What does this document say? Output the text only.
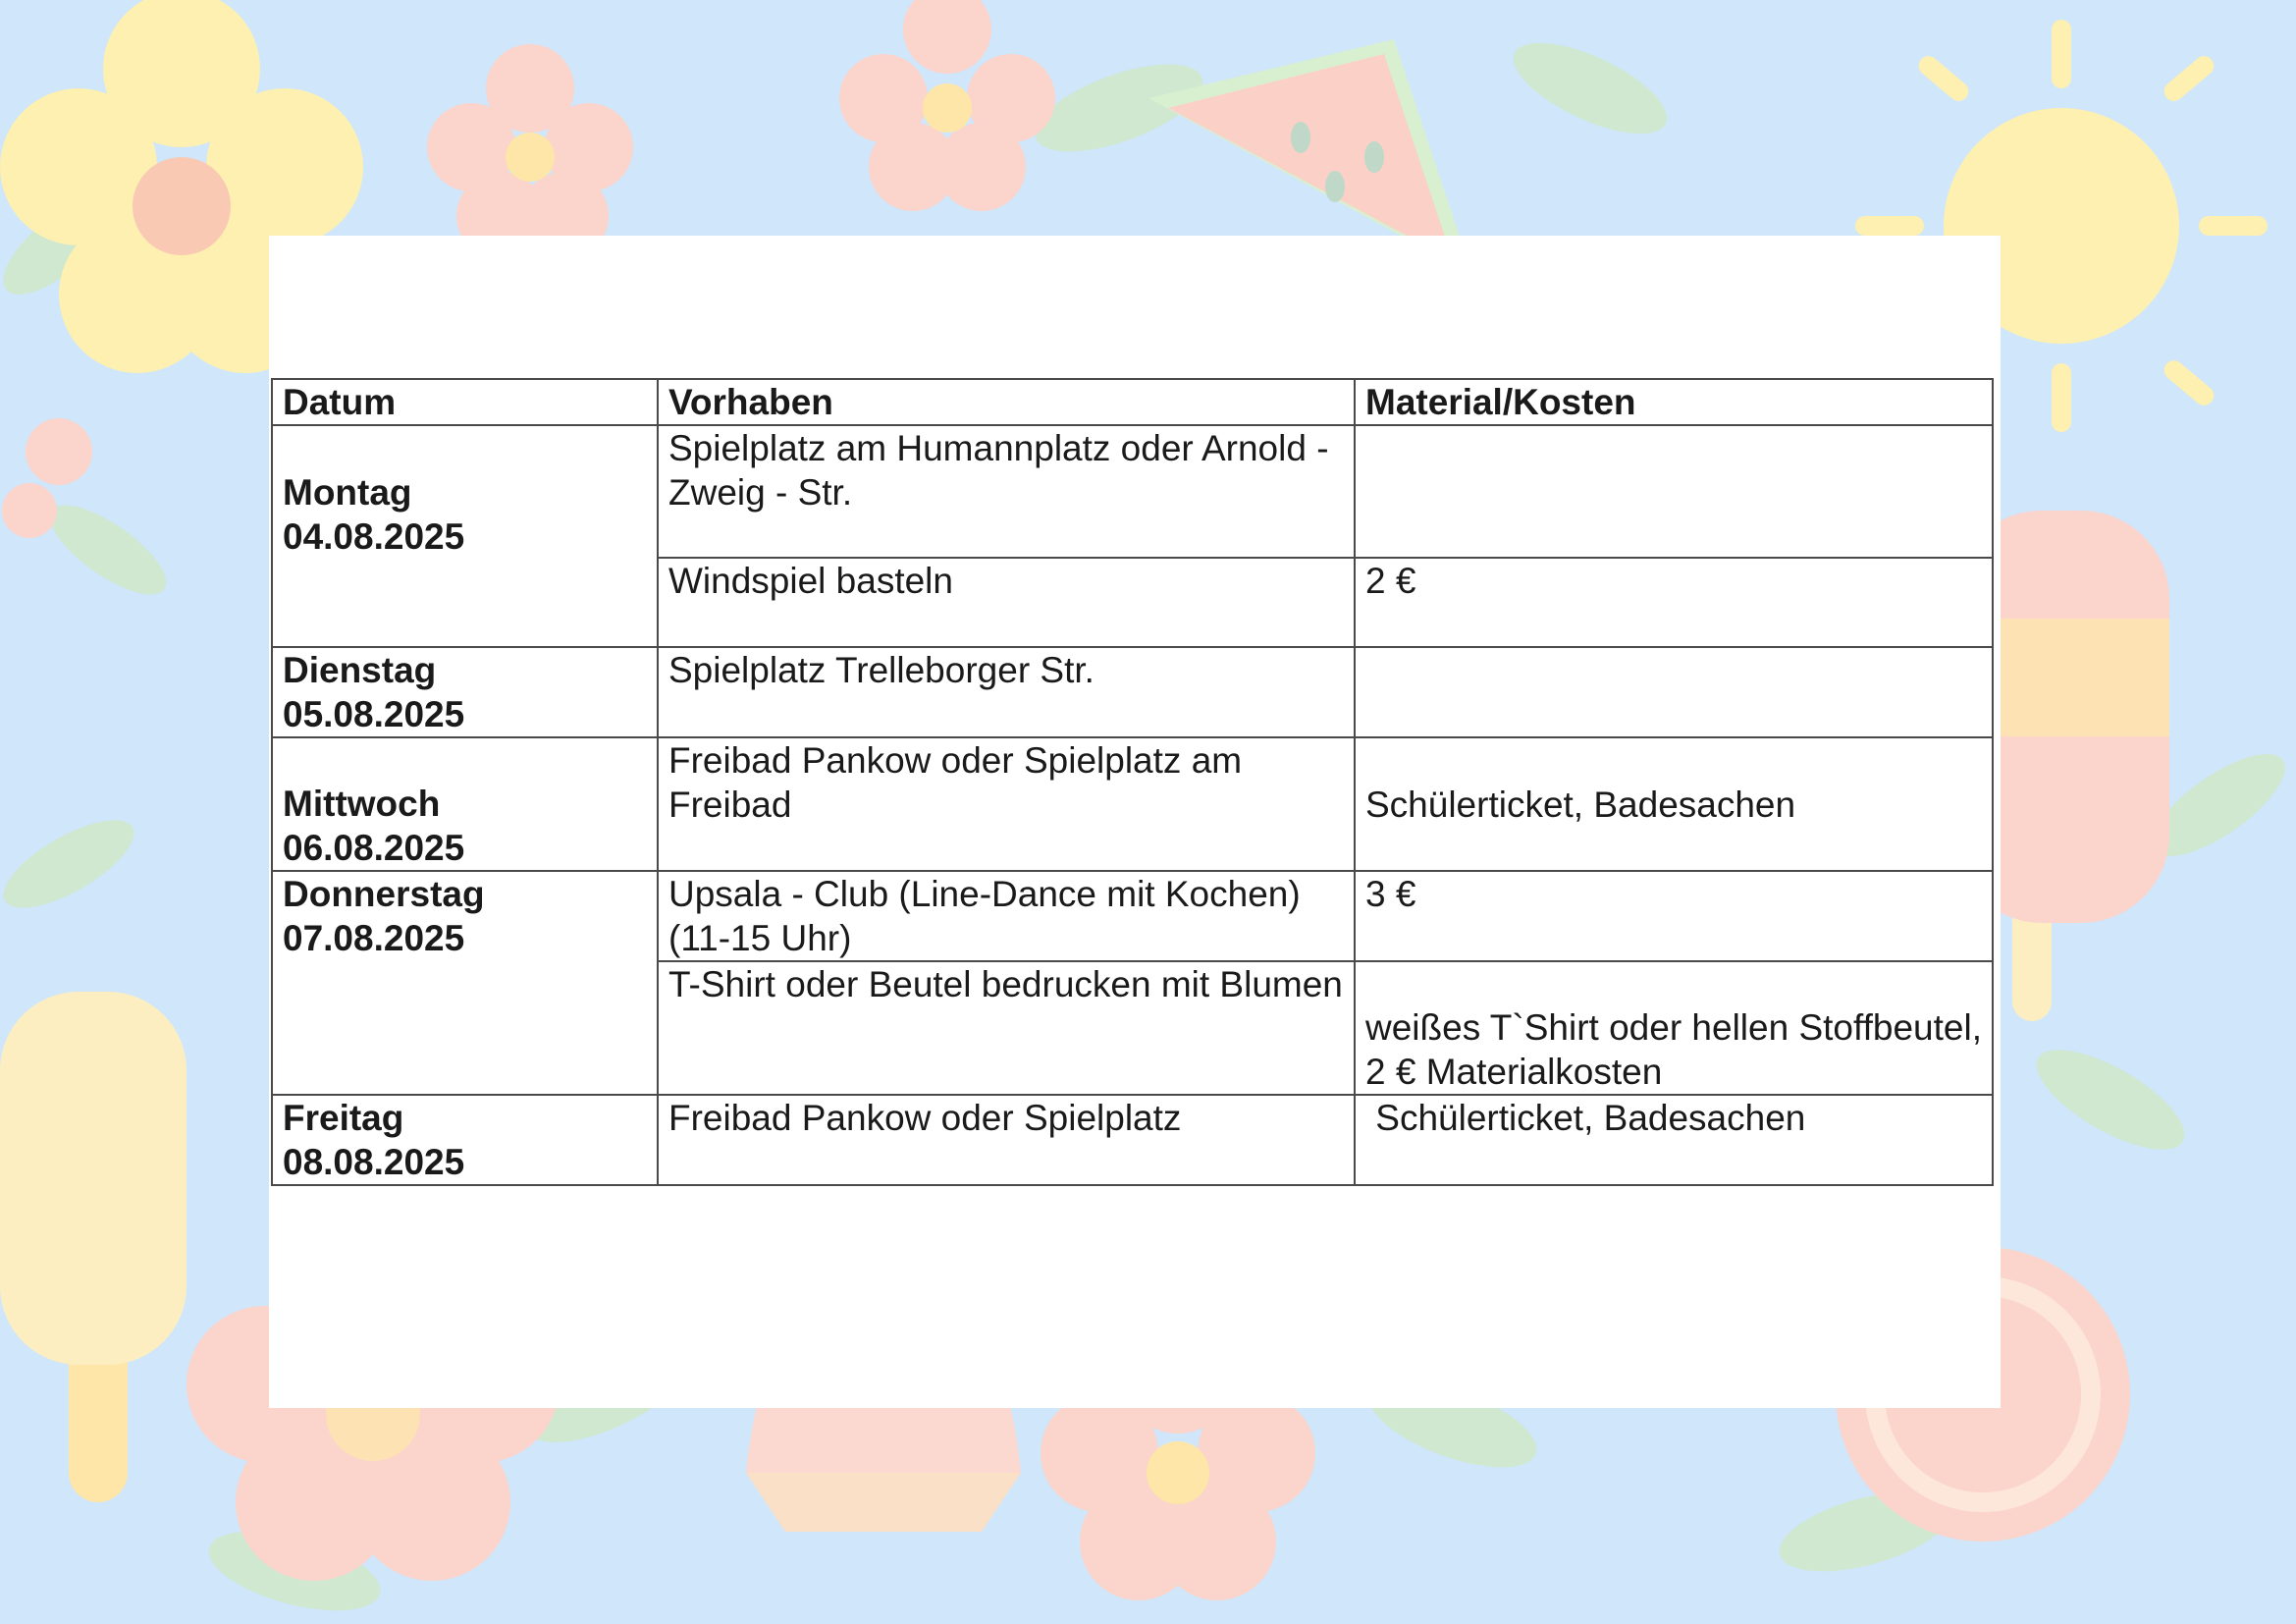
Datum	Vorhaben	Material/Kosten

Montag
04.08.2025	Spielplatz am Humannplatz oder Arnold - Zweig - Str.	
	Windspiel basteln	2 €

Dienstag
05.08.2025	Spielplatz Trelleborger Str.	

Mittwoch
06.08.2025	Freibad Pankow oder Spielplatz am Freibad	Schülerticket, Badesachen

Donnerstag
07.08.2025	Upsala - Club (Line-Dance mit Kochen) (11-15 Uhr)	3 €
	T-Shirt oder Beutel bedrucken mit Blumen	weißes T`Shirt oder hellen Stoffbeutel, 2 € Materialkosten

Freitag
08.08.2025	Freibad Pankow oder Spielplatz	Schülerticket, Badesachen
